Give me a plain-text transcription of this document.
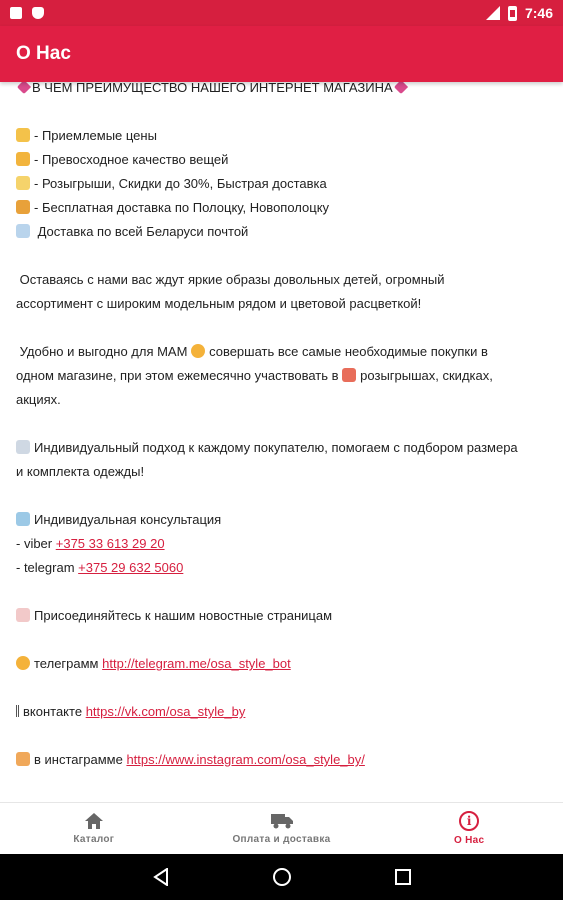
7:46
О Нас
В ЧЕМ ПРЕИМУЩЕСТВО НАШЕГО ИНТЕРНЕТ МАГАЗИНА
- Приемлемые цены
- Превосходное качество вещей
- Розыгрыши, Скидки до 30%, Быстрая доставка
- Бесплатная доставка по Полоцку, Новополоцку
Доставка по всей Беларуси почтой
Оставаясь с нами вас ждут яркие образы довольных детей, огромный
ассортимент с широким модельным рядом и цветовой расцветкой!
Удобно и выгодно для МАМ совершать все самые необходимые покупки в
одном магазине, при этом ежемесячно участвовать в розыгрышах, скидках,
акциях.
Индивидуальный подход к каждому покупателю, помогаем с подбором размера
и комплекта одежды!
Индивидуальная консультация
- viber +375 33 613 29 20
- telegram +375 29 632 5060
Присоединяйтесь к нашим новостные страницам
телеграмм http://telegram.me/osa_style_bot
вконтакте https://vk.com/osa_style_by
в инстаграмме https://www.instagram.com/osa_style_by/
Каталог	Оплата и доставка
i
О Нас
